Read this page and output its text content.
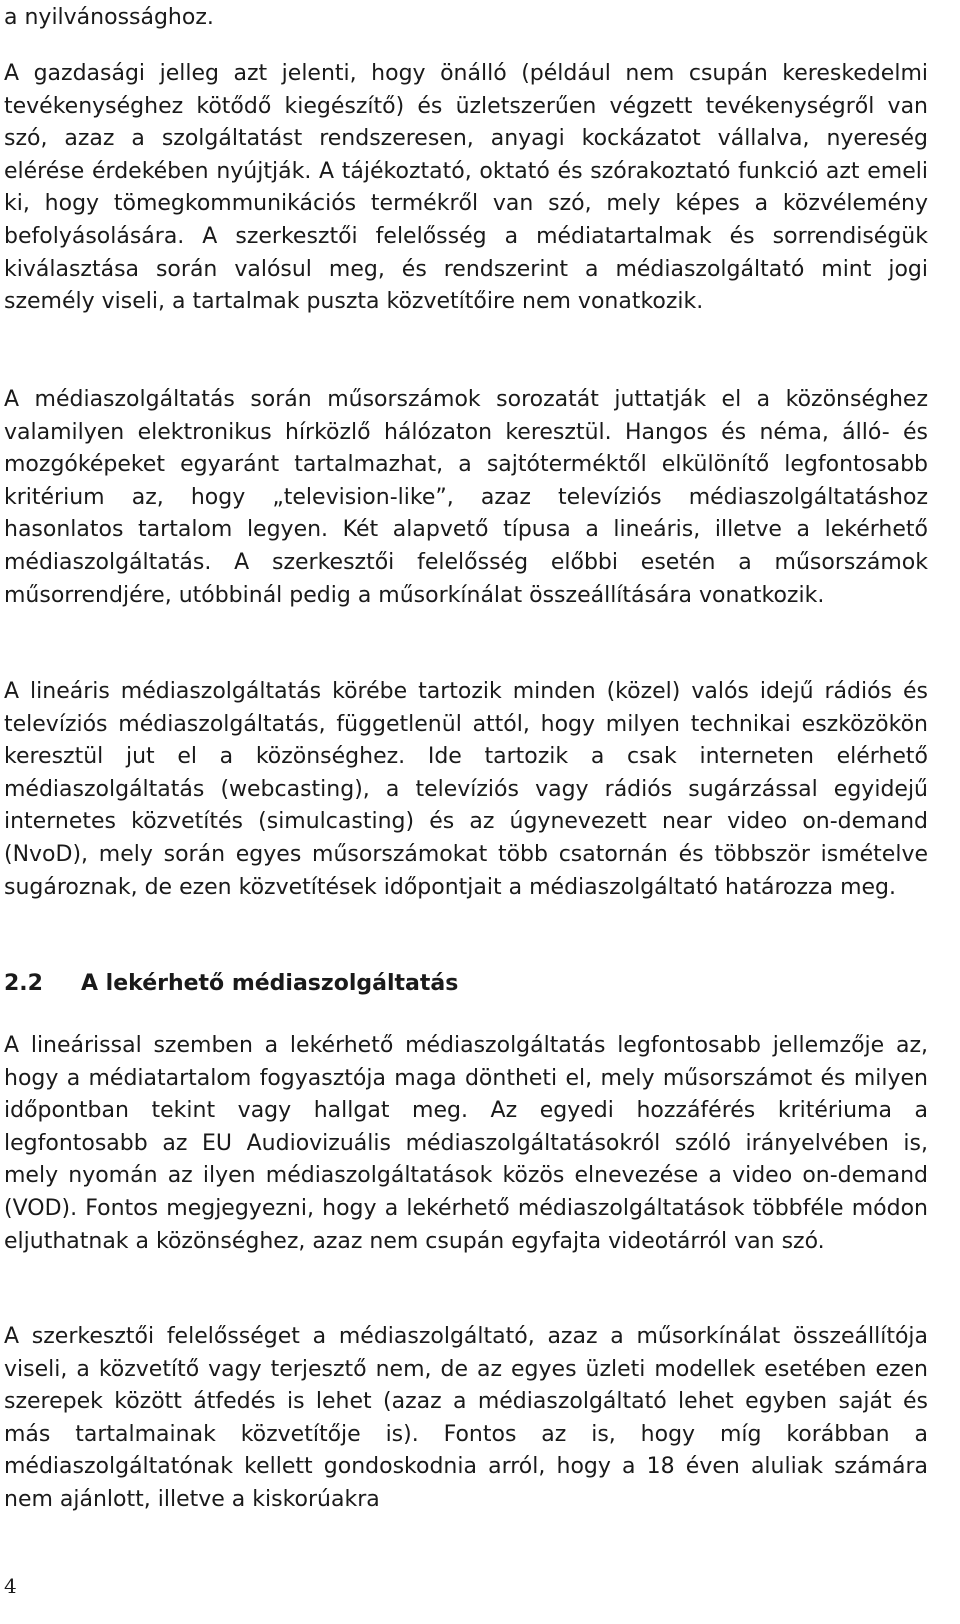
a nyilvánossághoz.

A gazdasági jelleg azt jelenti, hogy önálló (például nem csupán kereskedelmi tevékenységhez kötődő kiegészítő) és üzletszerűen végzett tevékenységről van szó, azaz a szolgáltatást rendszeresen, anyagi kockázatot vállalva, nyereség elérése érdekében nyújtják. A tájékoztató, oktató és szórakoztató funkció azt emeli ki, hogy tömegkommunikációs termékről van szó, mely képes a közvélemény befolyásolására. A szerkesztői felelősség a médiatartalmak és sorrendiségük kiválasztása során valósul meg, és rendszerint a médiaszolgáltató mint jogi személy viseli, a tartalmak puszta közvetítőire nem vonatkozik.

A médiaszolgáltatás során műsorszámok sorozatát juttatják el a közönséghez valamilyen elektronikus hírközlő hálózaton keresztül. Hangos és néma, álló- és mozgóképeket egyaránt tartalmazhat, a sajtóterméktől elkülönítő legfontosabb kritérium az, hogy „television-like”, azaz televíziós médiaszolgáltatáshoz hasonlatos tartalom legyen. Két alapvető típusa a lineáris, illetve a lekérhető médiaszolgáltatás. A szerkesztői felelősség előbbi esetén a műsorszámok műsorrendjére, utóbbinál pedig a műsorkínálat összeállítására vonatkozik.

A lineáris médiaszolgáltatás körébe tartozik minden (közel) valós idejű rádiós és televíziós médiaszolgáltatás, függetlenül attól, hogy milyen technikai eszközökön keresztül jut el a közönséghez. Ide tartozik a csak interneten elérhető médiaszolgáltatás (webcasting), a televíziós vagy rádiós sugárzással egyidejű internetes közvetítés (simulcasting) és az úgynevezett near video on-demand (NvoD), mely során egyes műsorszámokat több csatornán és többször ismételve sugároznak, de ezen közvetítések időpontjait a médiaszolgáltató határozza meg.

2.2 A lekérhető médiaszolgáltatás

A lineárissal szemben a lekérhető médiaszolgáltatás legfontosabb jellemzője az, hogy a médiatartalom fogyasztója maga döntheti el, mely műsorszámot és milyen időpontban tekint vagy hallgat meg. Az egyedi hozzáférés kritériuma a legfontosabb az EU Audiovizuális médiaszolgáltatásokról szóló irányelvében is, mely nyomán az ilyen médiaszolgáltatások közös elnevezése a video on-demand (VOD). Fontos megjegyezni, hogy a lekérhető médiaszolgáltatások többféle módon eljuthatnak a közönséghez, azaz nem csupán egyfajta videotárról van szó.

A szerkesztői felelősséget a médiaszolgáltató, azaz a műsorkínálat összeállítója viseli, a közvetítő vagy terjesztő nem, de az egyes üzleti modellek esetében ezen szerepek között átfedés is lehet (azaz a médiaszolgáltató lehet egyben saját és más tartalmainak közvetítője is). Fontos az is, hogy míg korábban a médiaszolgáltatónak kellett gondoskodnia arról, hogy a 18 éven aluliak számára nem ajánlott, illetve a kiskorúakra

4
